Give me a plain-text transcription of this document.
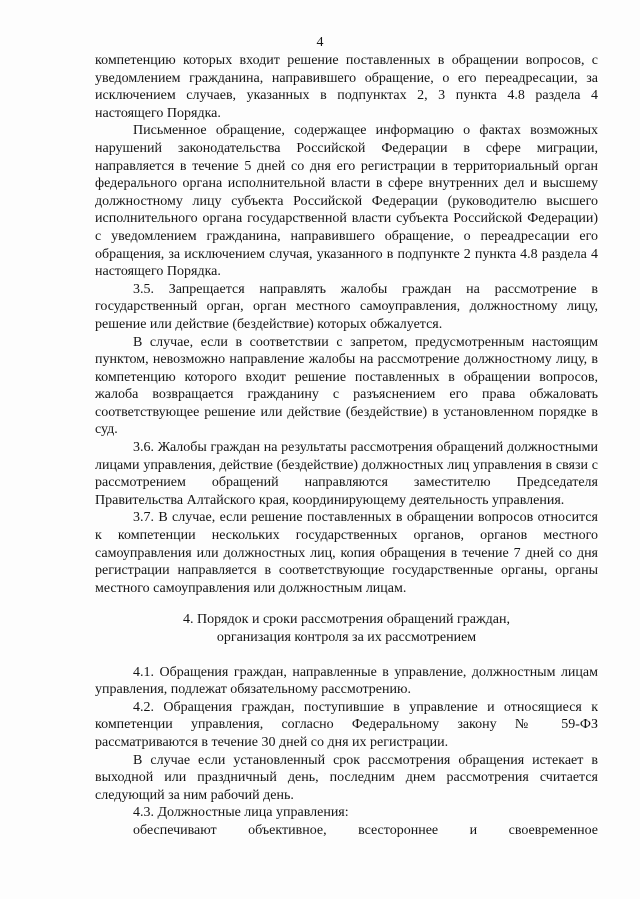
4

компетенцию которых входит решение поставленных в обращении вопросов, с уведомлением гражданина, направившего обращение, о его переадресации, за исключением случаев, указанных в подпунктах 2, 3 пункта 4.8 раздела 4 настоящего Порядка.

Письменное обращение, содержащее информацию о фактах возможных нарушений законодательства Российской Федерации в сфере миграции, направляется в течение 5 дней со дня его регистрации в территориальный орган федерального органа исполнительной власти в сфере внутренних дел и высшему должностному лицу субъекта Российской Федерации (руководителю высшего исполнительного органа государственной власти субъекта Российской Федерации) с уведомлением гражданина, направившего обращение, о переадресации его обращения, за исключением случая, указанного в подпункте 2 пункта 4.8 раздела 4 настоящего Порядка.

3.5. Запрещается направлять жалобы граждан на рассмотрение в государственный орган, орган местного самоуправления, должностному лицу, решение или действие (бездействие) которых обжалуется.

В случае, если в соответствии с запретом, предусмотренным настоящим пунктом, невозможно направление жалобы на рассмотрение должностному лицу, в компетенцию которого входит решение поставленных в обращении вопросов, жалоба возвращается гражданину с разъяснением его права обжаловать соответствующее решение или действие (бездействие) в установленном порядке в суд.

3.6. Жалобы граждан на результаты рассмотрения обращений должностными лицами управления, действие (бездействие) должностных лиц управления в связи с рассмотрением обращений направляются заместителю Председателя Правительства Алтайского края, координирующему деятельность управления.

3.7. В случае, если решение поставленных в обращении вопросов относится к компетенции нескольких государственных органов, органов местного самоуправления или должностных лиц, копия обращения в течение 7 дней со дня регистрации направляется в соответствующие государственные органы, органы местного самоуправления или должностным лицам.

4. Порядок и сроки рассмотрения обращений граждан,
организация контроля за их рассмотрением

4.1. Обращения граждан, направленные в управление, должностным лицам управления, подлежат обязательному рассмотрению.

4.2. Обращения граждан, поступившие в управление и относящиеся к компетенции управления, согласно Федеральному закону № 59-ФЗ рассматриваются в течение 30 дней со дня их регистрации.

В случае если установленный срок рассмотрения обращения истекает в выходной или праздничный день, последним днем рассмотрения считается следующий за ним рабочий день.

4.3. Должностные лица управления:

обеспечивают объективное, всестороннее и своевременное
